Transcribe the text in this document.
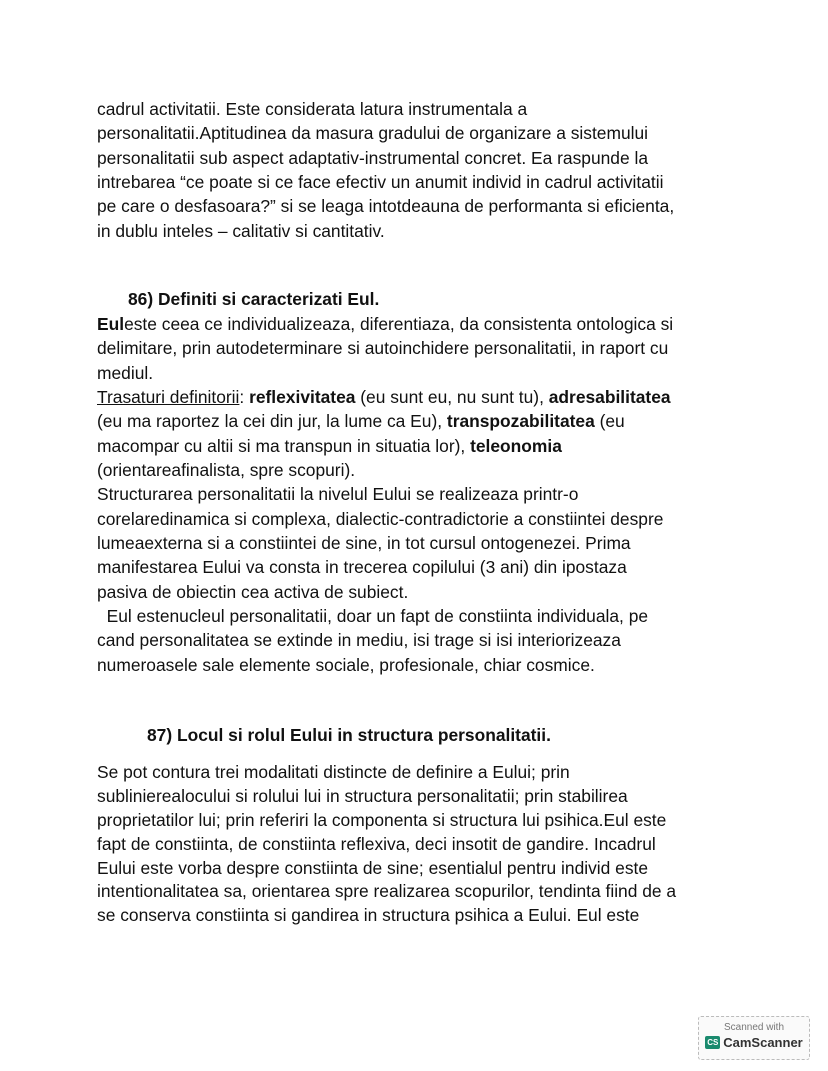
cadrul activitatii. Este considerata latura instrumentala a
personalitatii.Aptitudinea da masura gradului de organizare a sistemului
personalitatii sub aspect adaptativ-instrumental concret. Ea raspunde la
intrebarea “ce poate si ce face efectiv un anumit individ in cadrul activitatii
pe care o desfasoara?” si se leaga intotdeauna de performanta si eficienta,
in dublu inteles – calitativ si cantitativ.
86) Definiti si caracterizati Eul.
Euleste ceea ce individualizeaza, diferentiaza, da consistenta ontologica si
delimitare, prin autodeterminare si autoinchidere personalitatii, in raport cu
mediul.
Trasaturi definitorii: reflexivitatea (eu sunt eu, nu sunt tu), adresabilitatea
(eu ma raportez la cei din jur, la lume ca Eu), transpozabilitatea (eu
macompar cu altii si ma transpun in situatia lor), teleonomia
(orientareafinalista, spre scopuri).
Structurarea personalitatii la nivelul Eului se realizeaza printr-o
corelaredinamica si complexa, dialectic-contradictorie a constiintei despre
lumeaexterna si a constiintei de sine, in tot cursul ontogenezei. Prima
manifestarea Eului va consta in trecerea copilului (3 ani) din ipostaza
pasiva de obiectin cea activa de subiect.
Eul estenucleul personalitatii, doar un fapt de constiinta individuala, pe
cand personalitatea se extinde in mediu, isi trage si isi interiorizeaza
numeroasele sale elemente sociale, profesionale, chiar cosmice.
87) Locul si rolul Eului in structura personalitatii.
Se pot contura trei modalitati distincte de definire a Eului; prin
sublinierealocului si rolului lui in structura personalitatii; prin stabilirea
proprietatilor lui; prin referiri la componenta si structura lui psihica.Eul este
fapt de constiinta, de constiinta reflexiva, deci insotit de gandire. Incadrul
Eului este vorba despre constiinta de sine; esentialul pentru individ este
intentionalitatea sa, orientarea spre realizarea scopurilor, tendinta fiind de a
se conserva constiinta si gandirea in structura psihica a Eului. Eul este
Scanned with
CS CamScanner
